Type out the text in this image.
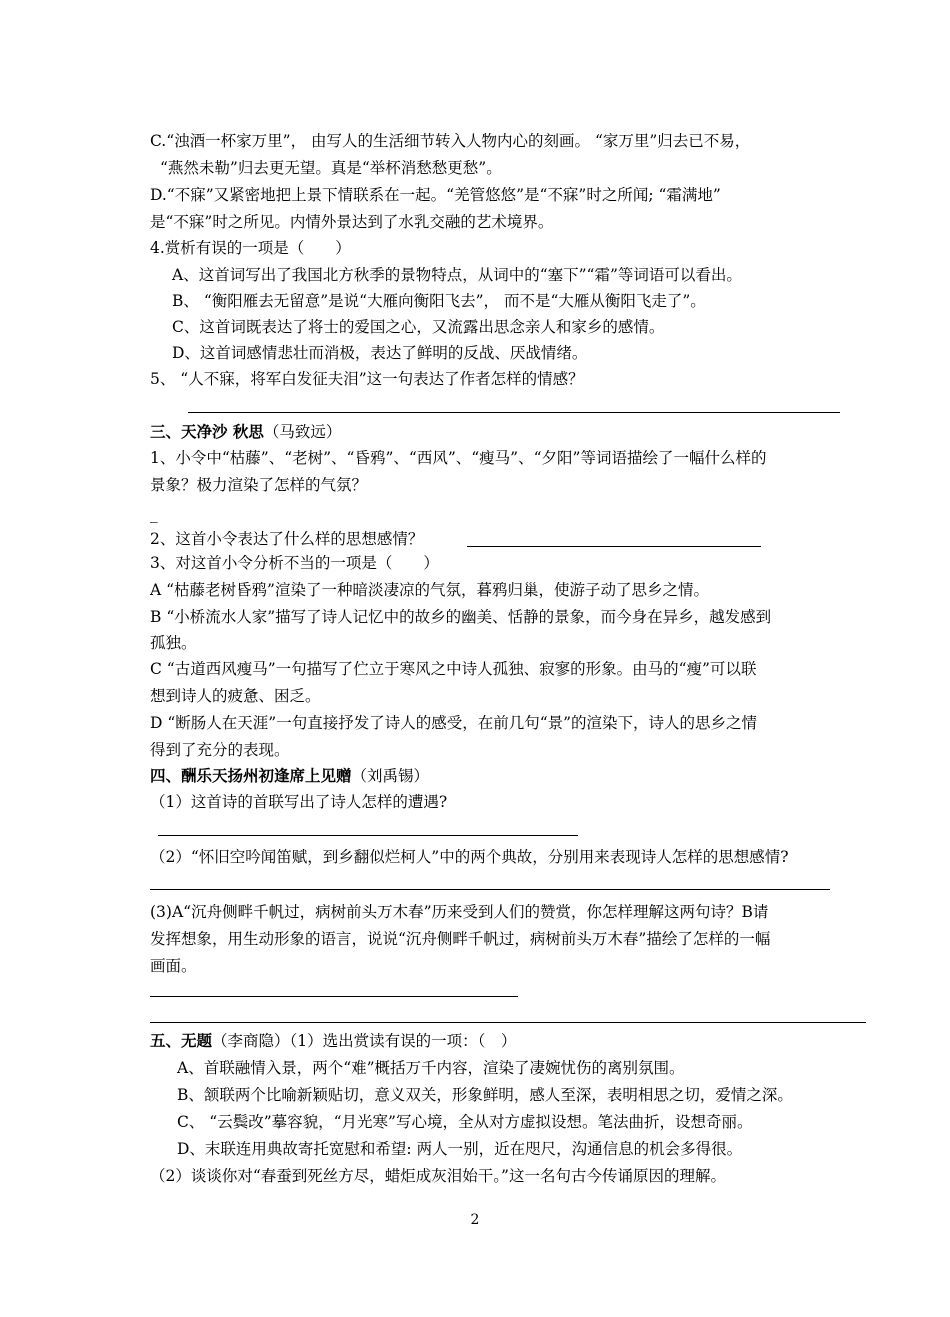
C.“浊酒一杯家万里”， 由写人的生活细节转入人物内心的刻画。 “家万里”归去已不易，
“燕然未勒”归去更无望。真是“举杯消愁愁更愁”。
D.“不寐”又紧密地把上景下情联系在一起。“羌管悠悠”是“不寐”时之所闻; “霜满地”
是“不寐”时之所见。内情外景达到了水乳交融的艺术境界。
4.赏析有误的一项是（　　）
A、这首词写出了我国北方秋季的景物特点，从词中的“塞下”“霜”等词语可以看出。
B、 “衡阳雁去无留意”是说“大雁向衡阳飞去”， 而不是“大雁从衡阳飞走了”。
C、这首词既表达了将士的爱国之心，又流露出思念亲人和家乡的感情。
D、这首词感情悲壮而消极，表达了鲜明的反战、厌战情绪。
5、 “人不寐，将军白发征夫泪”这一句表达了作者怎样的情感？
三、天净沙 秋思（马致远）
1、小令中“枯藤”、“老树”、“昏鸦”、“西风”、“瘦马”、“夕阳”等词语描绘了一幅什么样的
景象？极力渲染了怎样的气氛？
_
2、这首小令表达了什么样的思想感情？
3、对这首小令分析不当的一项是（　　）
A “枯藤老树昏鸦”渲染了一种暗淡凄凉的气氛，暮鸦归巢，使游子动了思乡之情。
B “小桥流水人家”描写了诗人记忆中的故乡的幽美、恬静的景象，而今身在异乡，越发感到
孤独。
C “古道西风瘦马”一句描写了伫立于寒风之中诗人孤独、寂寥的形象。由马的“瘦”可以联
想到诗人的疲惫、困乏。
D “断肠人在天涯”一句直接抒发了诗人的感受，在前几句“景”的渲染下，诗人的思乡之情
得到了充分的表现。
四、酬乐天扬州初逢席上见赠（刘禹锡）
（1）这首诗的首联写出了诗人怎样的遭遇?
（2）“怀旧空吟闻笛赋，到乡翻似烂柯人”中的两个典故，分别用来表现诗人怎样的思想感情?
(3)A“沉舟侧畔千帆过，病树前头万木春”历来受到人们的赞赏，你怎样理解这两句诗？B请
发挥想象，用生动形象的语言，说说“沉舟侧畔千帆过，病树前头万木春”描绘了怎样的一幅
画面。
五、无题（李商隐）（1）选出赏读有误的一项：（　）
A、首联融情入景，两个“难”概括万千内容，渲染了凄婉忧伤的离别氛围。
B、颔联两个比喻新颖贴切，意义双关，形象鲜明，感人至深，表明相思之切，爱情之深。
C、 “云鬓改”摹容貌，“月光寒”写心境，全从对方虚拟设想。笔法曲折，设想奇丽。
D、末联连用典故寄托宽慰和希望: 两人一别，近在咫尺，沟通信息的机会多得很。
（2）谈谈你对“春蚕到死丝方尽，蜡炬成灰泪始干。”这一名句古今传诵原因的理解。
2
